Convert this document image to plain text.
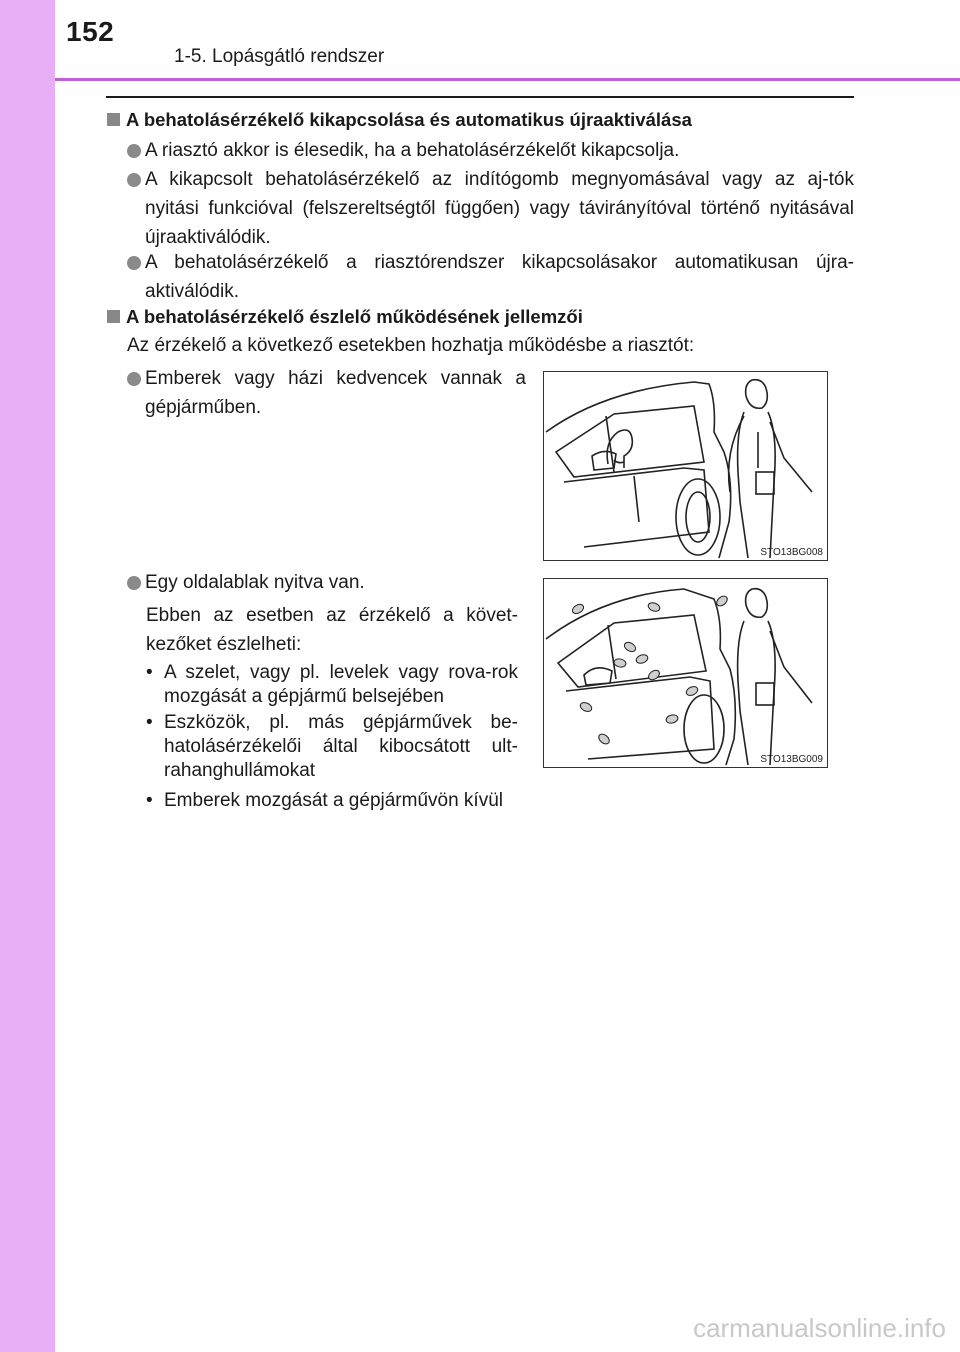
152
1-5. Lopásgátló rendszer
A behatolásérzékelő kikapcsolása és automatikus újraaktiválása
A riasztó akkor is élesedik, ha a behatolásérzékelőt kikapcsolja.
A kikapcsolt behatolásérzékelő az indítógomb megnyomásával vagy az aj-tók nyitási funkcióval (felszereltségtől függően) vagy távirányítóval történő nyitásával újraaktiválódik.
A behatolásérzékelő a riasztórendszer kikapcsolásakor automatikusan újra-aktiválódik.
A behatolásérzékelő észlelő működésének jellemzői
Az érzékelő a következő esetekben hozhatja működésbe a riasztót:
Emberek vagy házi kedvencek vannak a gépjárműben.
STO13BG008
Egy oldalablak nyitva van.
Ebben az esetben az érzékelő a követ-kezőket észlelheti:
• A szelet, vagy pl. levelek vagy rova-rok mozgását a gépjármű belsejében
• Eszközök, pl. más gépjárművek be-hatolásérzékelői által kibocsátott ult-rahanghullámokat
• Emberek mozgását a gépjárművön kívül
STO13BG009
carmanualsonline.info
